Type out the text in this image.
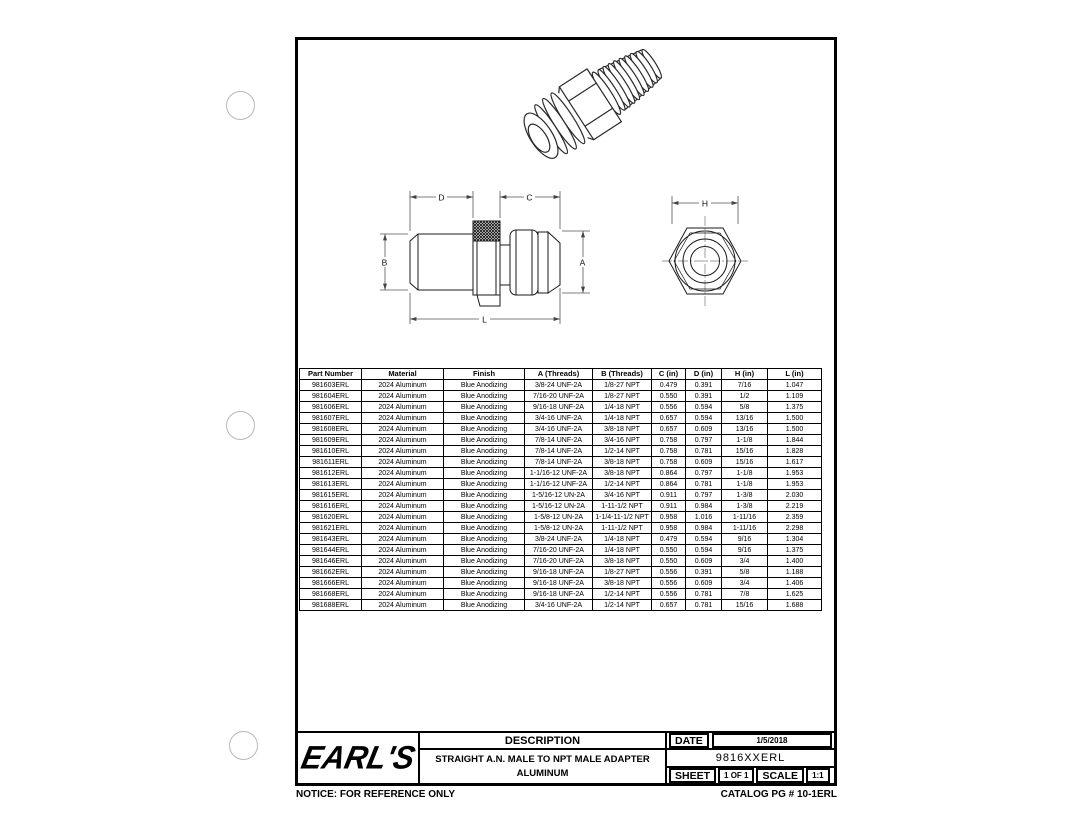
D	C
B	A
L
H
Part Number	Material	Finish	A (Threads)	B (Threads)	C (in)	D (in)	H (in)	L (in)
981603ERL	2024 Aluminum	Blue Anodizing	3/8-24 UNF-2A	1/8-27 NPT	0.479	0.391	7/16	1.047
981604ERL	2024 Aluminum	Blue Anodizing	7/16-20 UNF-2A	1/8-27 NPT	0.550	0.391	1/2	1.109
981606ERL	2024 Aluminum	Blue Anodizing	9/16-18 UNF-2A	1/4-18 NPT	0.556	0.594	5/8	1.375
981607ERL	2024 Aluminum	Blue Anodizing	3/4-16 UNF-2A	1/4-18 NPT	0.657	0.594	13/16	1.500
981608ERL	2024 Aluminum	Blue Anodizing	3/4-16 UNF-2A	3/8-18 NPT	0.657	0.609	13/16	1.500
981609ERL	2024 Aluminum	Blue Anodizing	7/8-14 UNF-2A	3/4-16 NPT	0.758	0.797	1-1/8	1.844
981610ERL	2024 Aluminum	Blue Anodizing	7/8-14 UNF-2A	1/2-14 NPT	0.758	0.781	15/16	1.828
981611ERL	2024 Aluminum	Blue Anodizing	7/8-14 UNF-2A	3/8-18 NPT	0.758	0.609	15/16	1.617
981612ERL	2024 Aluminum	Blue Anodizing	1-1/16-12 UNF-2A	3/8-18 NPT	0.864	0.797	1-1/8	1.953
981613ERL	2024 Aluminum	Blue Anodizing	1-1/16-12 UNF-2A	1/2-14 NPT	0.864	0.781	1-1/8	1.953
981615ERL	2024 Aluminum	Blue Anodizing	1-5/16-12 UN-2A	3/4-16 NPT	0.911	0.797	1-3/8	2.030
981616ERL	2024 Aluminum	Blue Anodizing	1-5/16-12 UN-2A	1-11-1/2 NPT	0.911	0.984	1-3/8	2.219
981620ERL	2024 Aluminum	Blue Anodizing	1-5/8-12 UN-2A	1-1/4-11-1/2 NPT	0.958	1.016	1-11/16	2.359
981621ERL	2024 Aluminum	Blue Anodizing	1-5/8-12 UN-2A	1-11-1/2 NPT	0.958	0.984	1-11/16	2.298
981643ERL	2024 Aluminum	Blue Anodizing	3/8-24 UNF-2A	1/4-18 NPT	0.479	0.594	9/16	1.304
981644ERL	2024 Aluminum	Blue Anodizing	7/16-20 UNF-2A	1/4-18 NPT	0.550	0.594	9/16	1.375
981646ERL	2024 Aluminum	Blue Anodizing	7/16-20 UNF-2A	3/8-18 NPT	0.550	0.609	3/4	1.400
981662ERL	2024 Aluminum	Blue Anodizing	9/16-18 UNF-2A	1/8-27 NPT	0.556	0.391	5/8	1.188
981666ERL	2024 Aluminum	Blue Anodizing	9/16-18 UNF-2A	3/8-18 NPT	0.556	0.609	3/4	1.406
981668ERL	2024 Aluminum	Blue Anodizing	9/16-18 UNF-2A	1/2-14 NPT	0.556	0.781	7/8	1.625
981688ERL	2024 Aluminum	Blue Anodizing	3/4-16 UNF-2A	1/2-14 NPT	0.657	0.781	15/16	1.688
EARL'S	DESCRIPTION
STRAIGHT A.N. MALE TO NPT MALE ADAPTER
ALUMINUM
DATE	1/5/2018
9816XXERL
SHEET	1 OF 1	SCALE	1:1
NOTICE: FOR REFERENCE ONLY	CATALOG PG # 10-1ERL
